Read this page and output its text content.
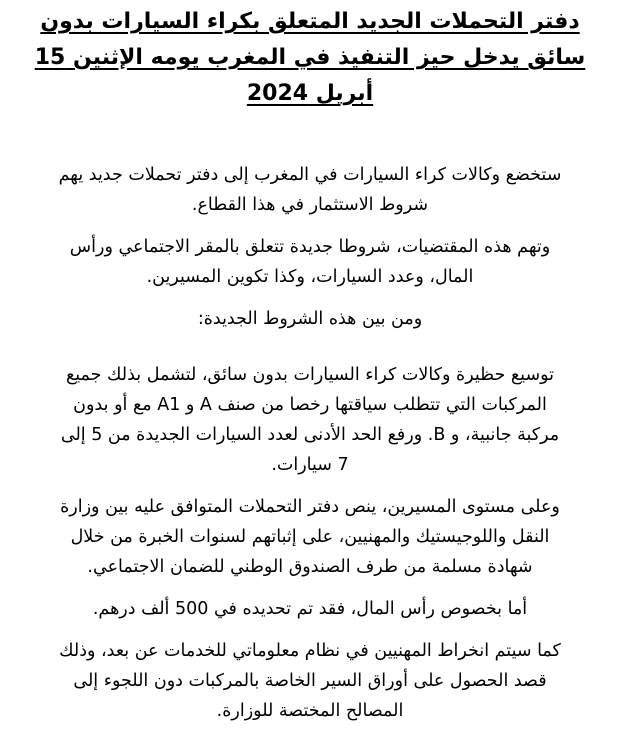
دفتر التحملات الجديد المتعلق بكراء السيارات بدون
سائق يدخل حيز التنفيذ في المغرب يومه الإثنين 15
أبريل 2024

ستخضع وكالات كراء السيارات في المغرب إلى دفتر تحملات جديد يهم
شروط الاستثمار في هذا القطاع.

وتهم هذه المقتضيات، شروطا جديدة تتعلق بالمقر الاجتماعي ورأس
المال، وعدد السيارات، وكذا تكوين المسيرين.

ومن بين هذه الشروط الجديدة:

توسيع حظيرة وكالات كراء السيارات بدون سائق، لتشمل بذلك جميع
المركبات التي تتطلب سياقتها رخصا من صنف A و A1 مع أو بدون
مركبة جانبية، و B. ورفع الحد الأدنى لعدد السيارات الجديدة من 5 إلى
7 سيارات.

وعلى مستوى المسيرين، ينص دفتر التحملات المتوافق عليه بين وزارة
النقل واللوجيستيك والمهنيين، على إثباتهم لسنوات الخبرة من خلال
شهادة مسلمة من طرف الصندوق الوطني للضمان الاجتماعي.

أما بخصوص رأس المال، فقد تم تحديده في 500 ألف درهم.

كما سيتم انخراط المهنيين في نظام معلوماتي للخدمات عن بعد، وذلك
قصد الحصول على أوراق السير الخاصة بالمركبات دون اللجوء إلى
المصالح المختصة للوزارة.
